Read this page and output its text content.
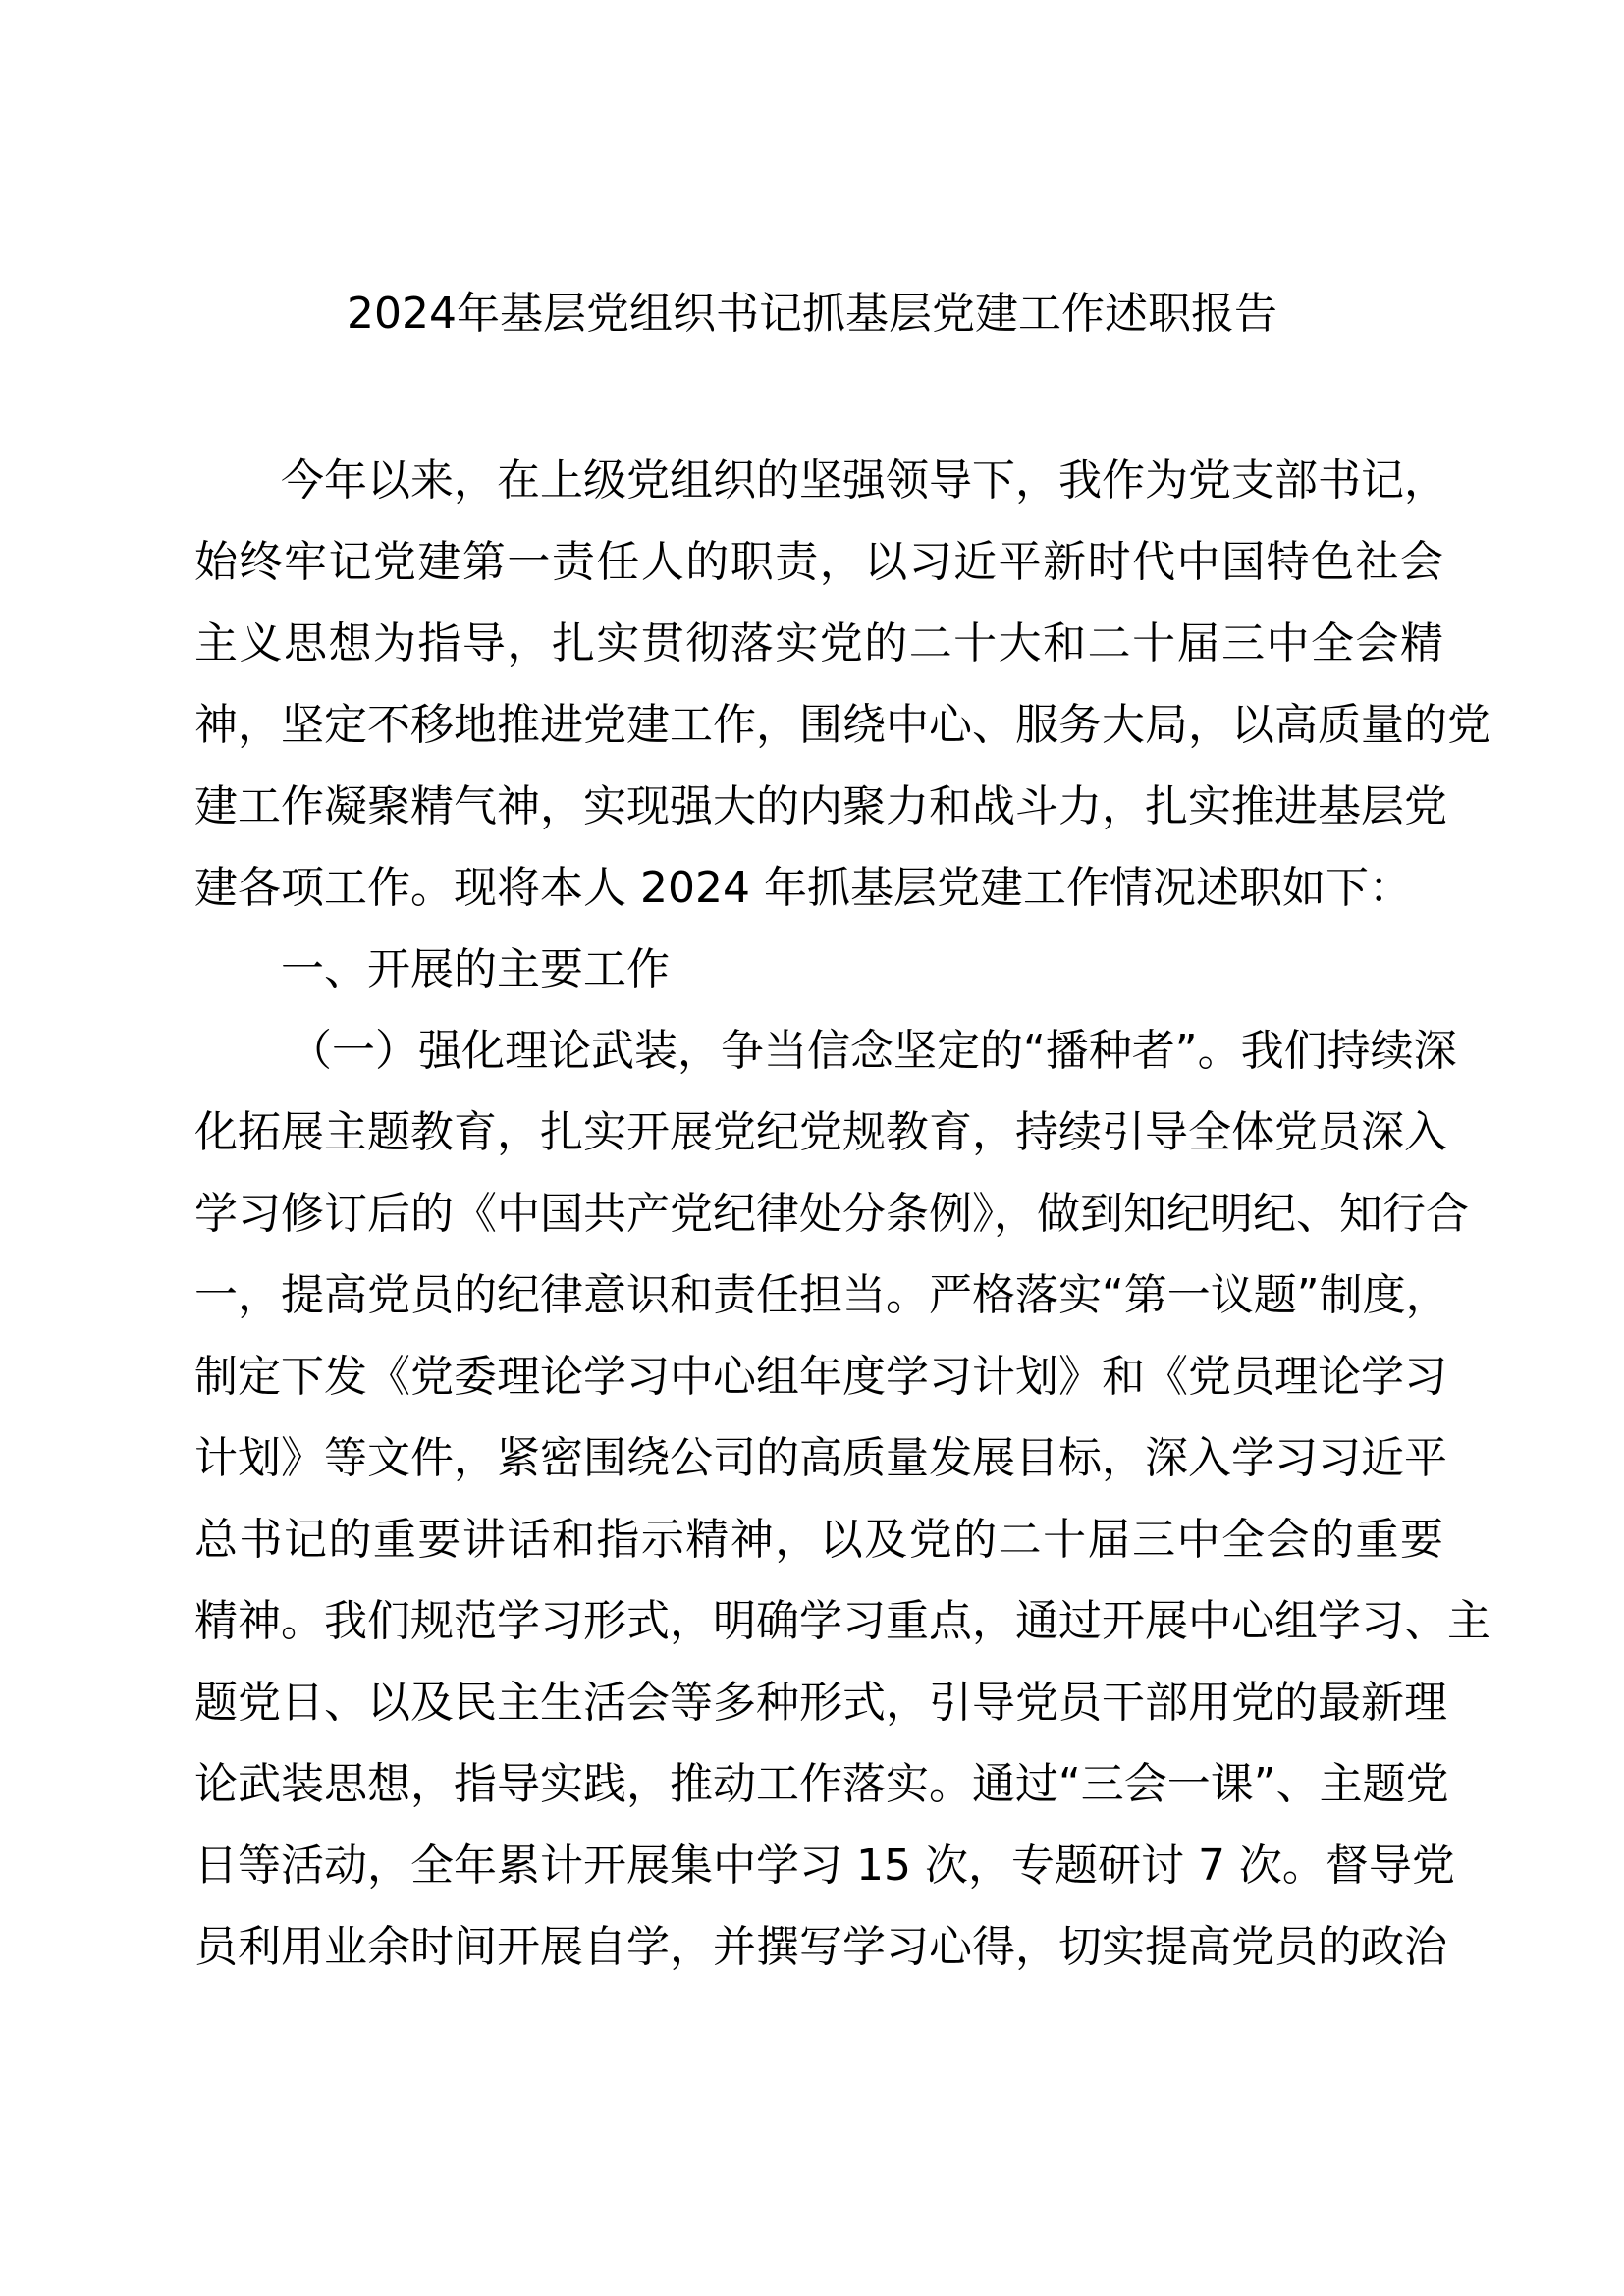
2024年基层党组织书记抓基层党建工作述职报告
今年以来，在上级党组织的坚强领导下，我作为党支部书记，
始终牢记党建第一责任人的职责，以习近平新时代中国特色社会
主义思想为指导，扎实贯彻落实党的二十大和二十届三中全会精
神，坚定不移地推进党建工作，围绕中心、服务大局，以高质量的党
建工作凝聚精气神，实现强大的内聚力和战斗力，扎实推进基层党
建各项工作。现将本人 2024 年抓基层党建工作情况述职如下：
一、开展的主要工作
（一）强化理论武装，争当信念坚定的“播种者”。我们持续深
化拓展主题教育，扎实开展党纪党规教育，持续引导全体党员深入
学习修订后的《中国共产党纪律处分条例》，做到知纪明纪、知行合
一，提高党员的纪律意识和责任担当。严格落实“第一议题”制度，
制定下发《党委理论学习中心组年度学习计划》和《党员理论学习
计划》等文件，紧密围绕公司的高质量发展目标，深入学习习近平
总书记的重要讲话和指示精神，以及党的二十届三中全会的重要
精神。我们规范学习形式，明确学习重点，通过开展中心组学习、主
题党日、以及民主生活会等多种形式，引导党员干部用党的最新理
论武装思想，指导实践，推动工作落实。通过“三会一课”、主题党
日等活动，全年累计开展集中学习 15 次，专题研讨 7 次。督导党
员利用业余时间开展自学，并撰写学习心得，切实提高党员的政治
